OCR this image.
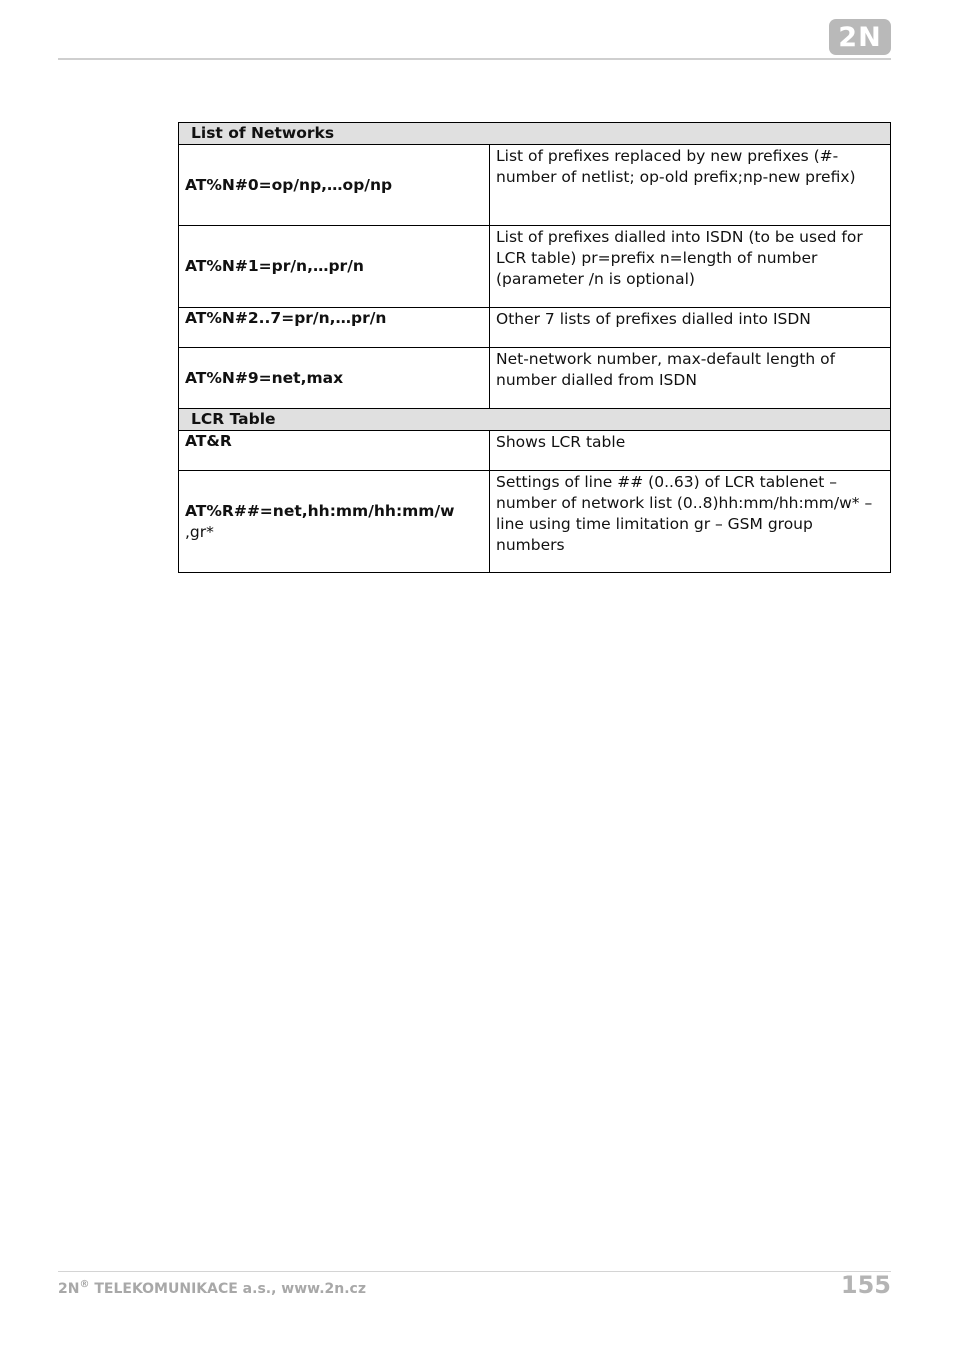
2N
List of Networks	
AT%N#0=op/np,…op/np	List of prefixes replaced by new prefixes (#-number of netlist; op-old prefix;np-new prefix)
AT%N#1=pr/n,…pr/n	List of prefixes dialled into ISDN (to be used for LCR table) pr=prefix n=length of number (parameter /n is optional)
AT%N#2..7=pr/n,…pr/n	Other 7 lists of prefixes dialled into ISDN
AT%N#9=net,max	Net-network number, max-default length of number dialled from ISDN
LCR Table	
AT&R	Shows LCR table
AT%R##=net,hh:mm/hh:mm/w
,gr*	Settings of line ## (0..63) of LCR tablenet – number of network list (0..8)hh:mm/hh:mm/w* – line using time limitation gr – GSM group numbers
2N® TELEKOMUNIKACE a.s., www.2n.cz	155
